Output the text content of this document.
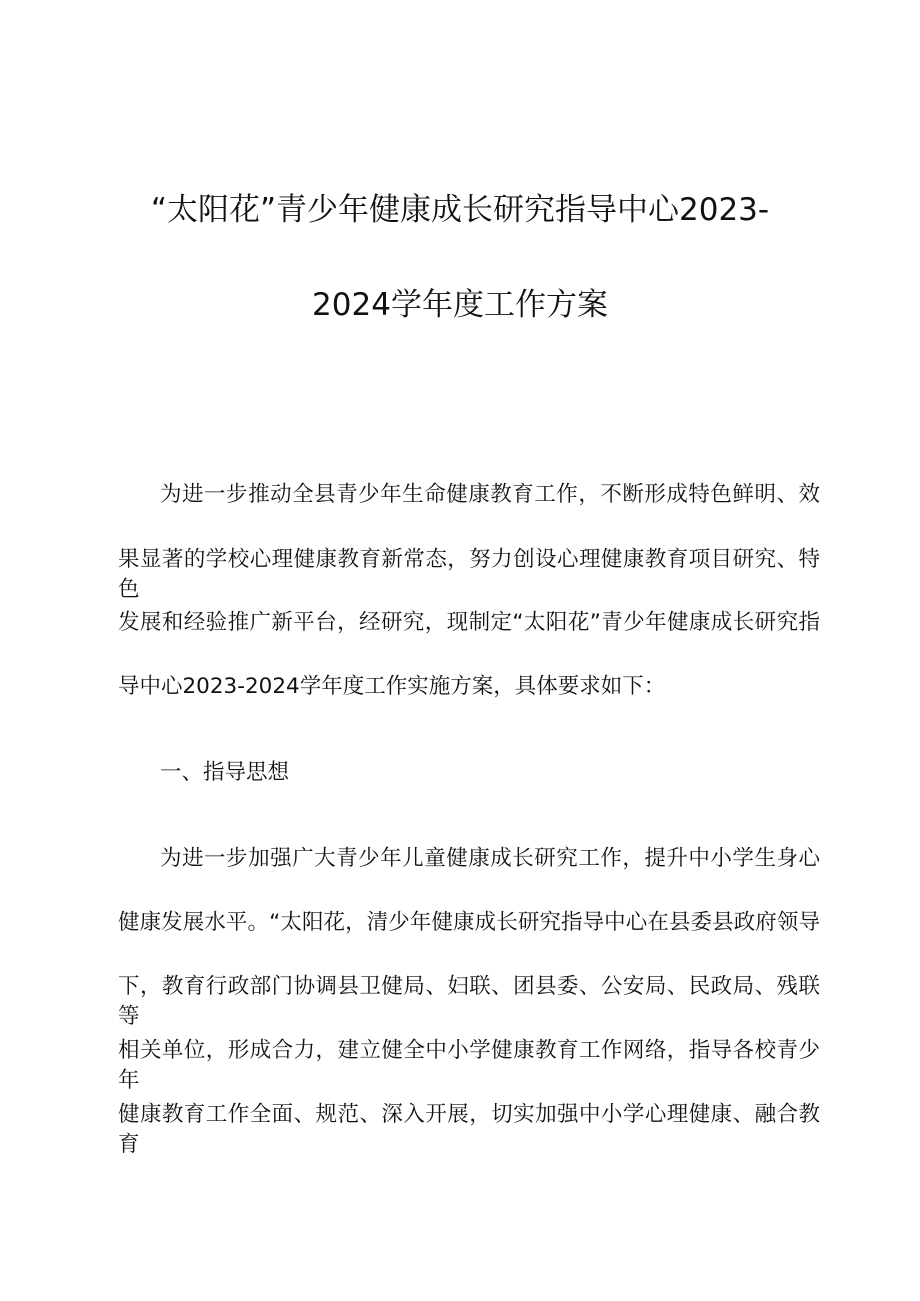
“太阳花”青少年健康成长研究指导中心2023-
2024学年度工作方案
为进一步推动全县青少年生命健康教育工作，不断形成特色鲜明、效
果显著的学校心理健康教育新常态，努力创设心理健康教育项目研究、特色
发展和经验推广新平台，经研究，现制定“太阳花”青少年健康成长研究指
导中心2023-2024学年度工作实施方案，具体要求如下：
一、指导思想
为进一步加强广大青少年儿童健康成长研究工作，提升中小学生身心
健康发展水平。“太阳花，清少年健康成长研究指导中心在县委县政府领导
下，教育行政部门协调县卫健局、妇联、团县委、公安局、民政局、残联等
相关单位，形成合力，建立健全中小学健康教育工作网络，指导各校青少年
健康教育工作全面、规范、深入开展，切实加强中小学心理健康、融合教育
